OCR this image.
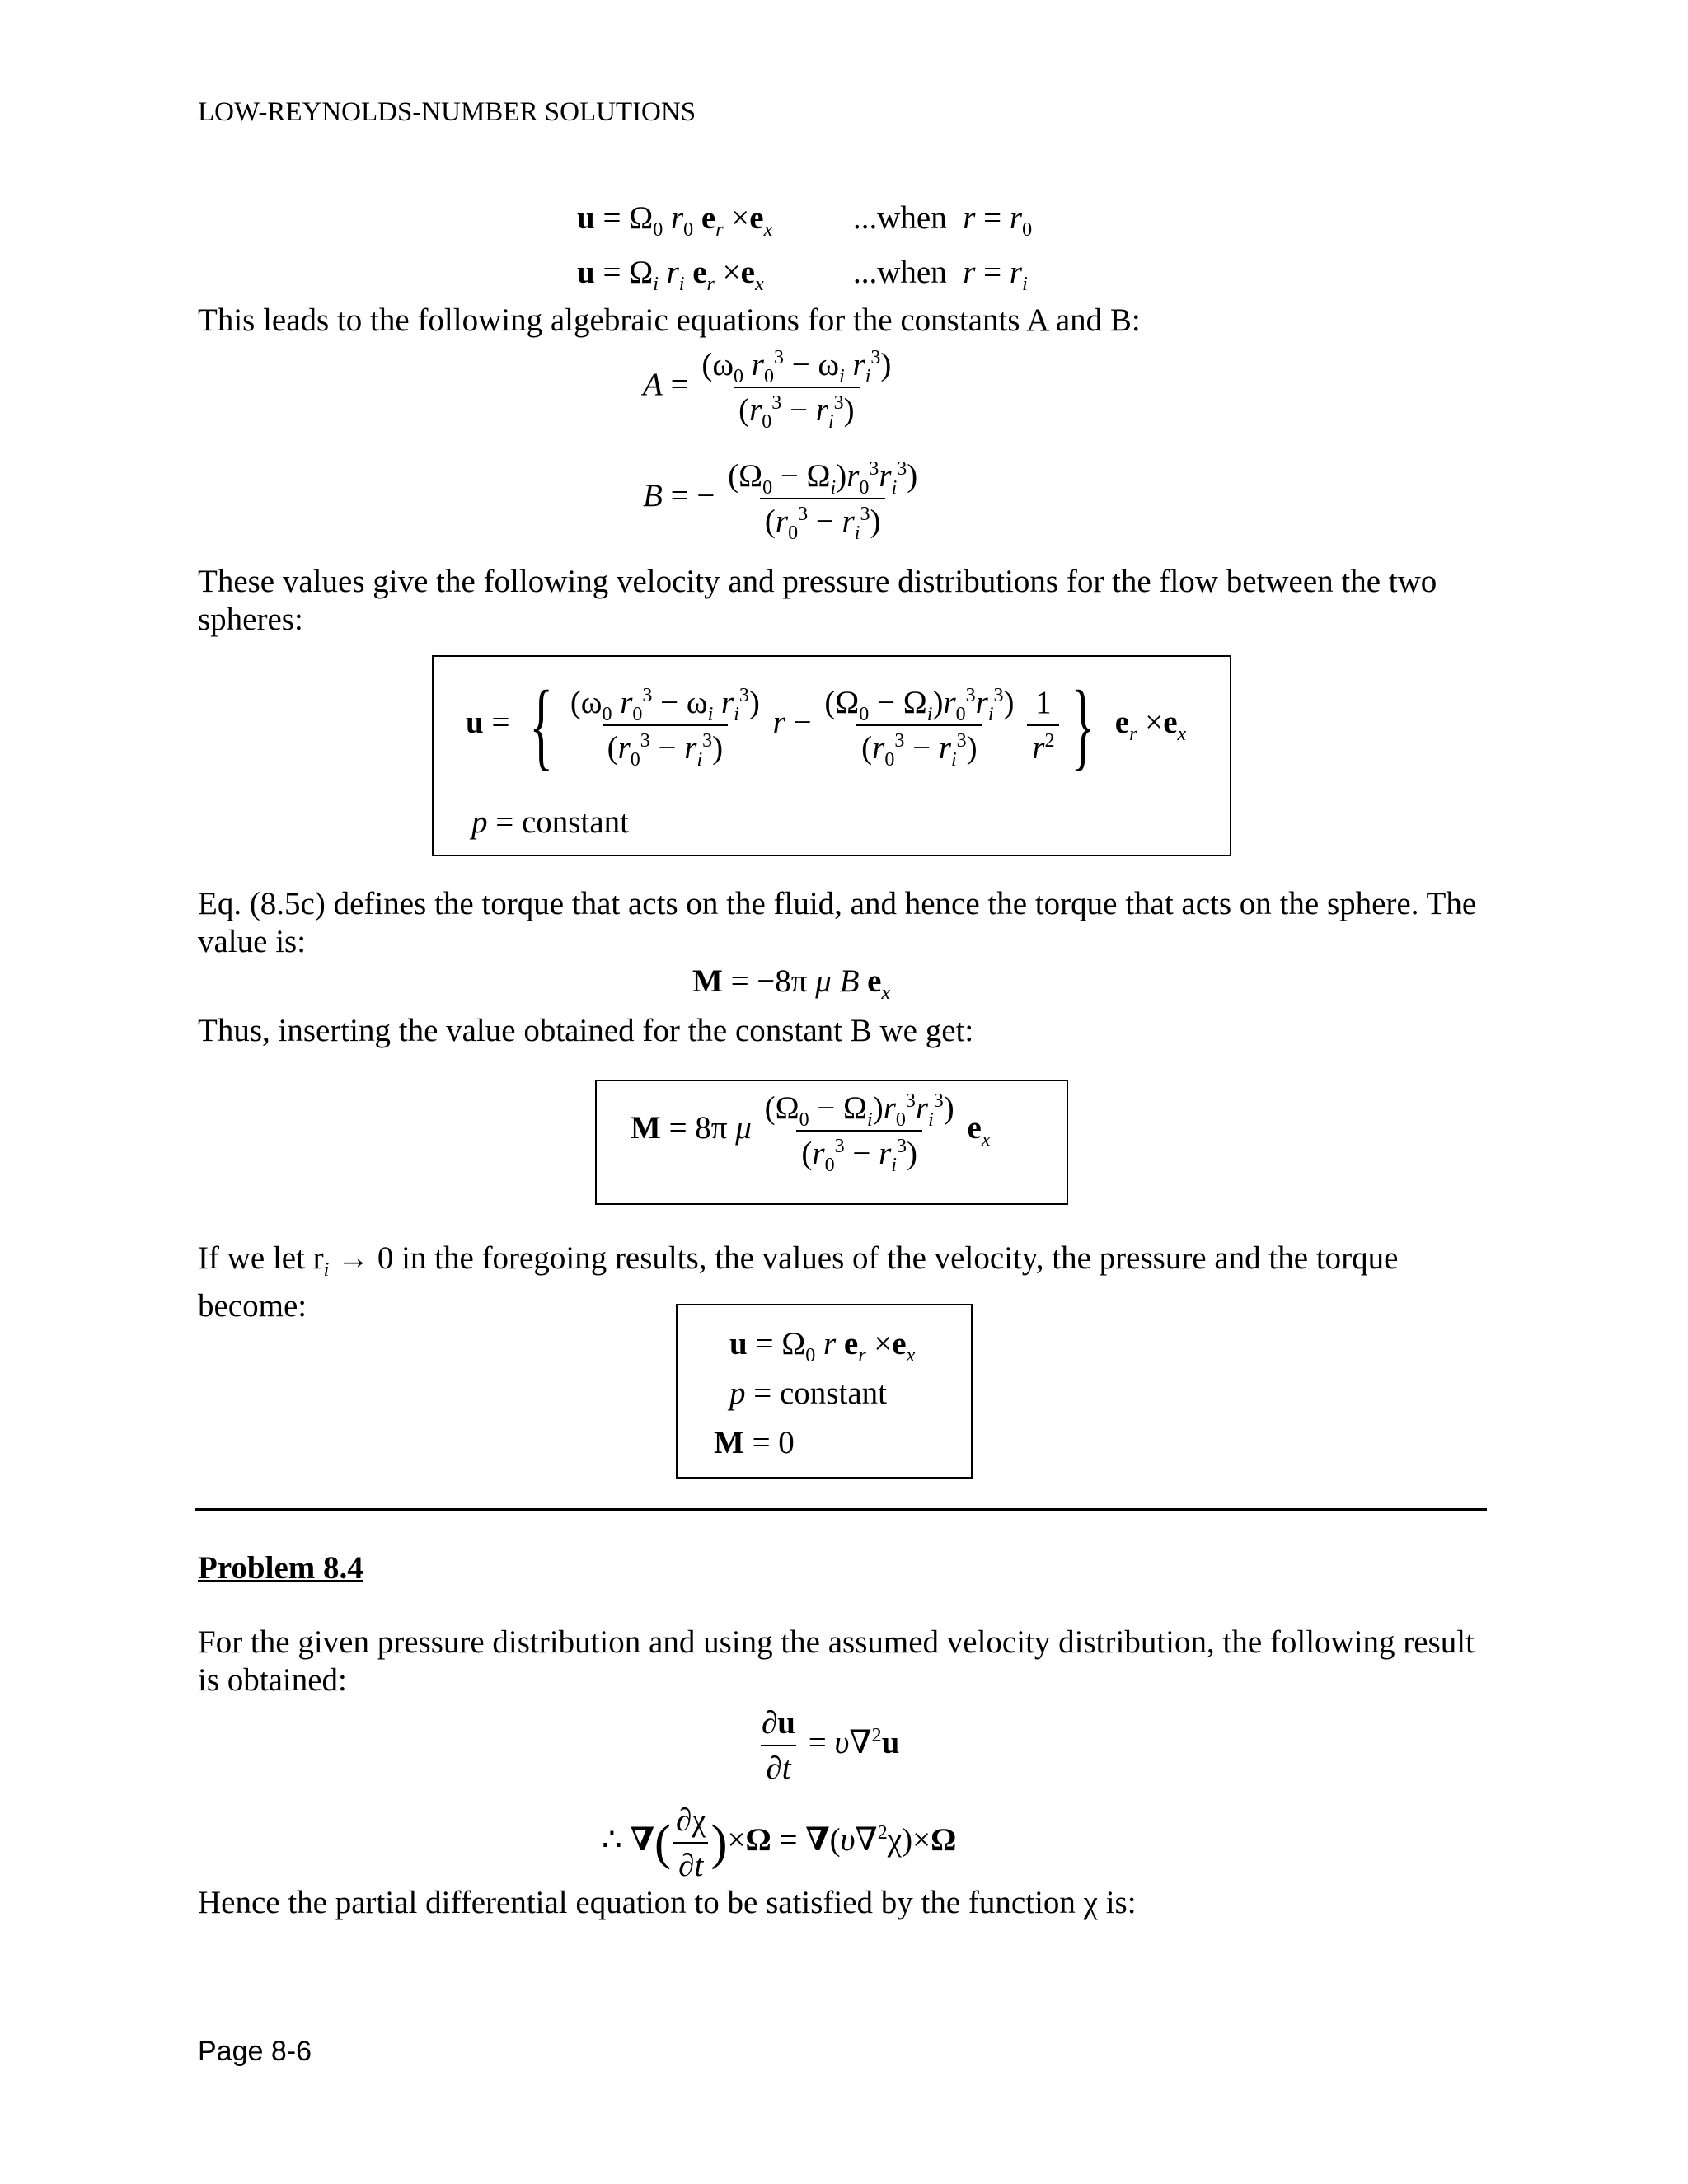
LOW-REYNOLDS-NUMBER SOLUTIONS
$u = \Omega_0$ $r_0$ $e_r \times e_x$	...when  $r = r_0$
$u = \Omega_i$ $r_i$ $e_r \times e_x$	...when  $r = r_i$
This leads to the following algebraic equations for the constants A and B:
$A = \frac{(\omega_0 r_0^3 - \omega_i r_i^3)}{(r_0^3 - r_i^3)}$
B = − $\frac{(\Omega_0 - \Omega_i)r_0^3r_i^3)}{(r_0^3 - r_i^3)}$
These values give the following velocity and pressure distributions for the flow between the two spheres:
u = { $\frac{(\omega_0 r_0^3 - \omega_i r_i^3)}{(r_0^3 - r_i^3)}$ $r - \frac{(\Omega_0 - \Omega_i)r_0^3r_i^3)}{(r_0^3 - r_i^3)}$
$\frac{1}{r^2}$ } $e_r \times e_x$
p = constant
Eq. (8.5c) defines the torque that acts on the fluid, and hence the torque that acts on the sphere. The value is:
M = −8π μ B $e_x$
Thus, inserting the value obtained for the constant B we get:
M = 8π μ $\frac{(\Omega_0 - \Omega_i)r_0^3r_i^3)}{(r_0^3 - r_i^3)} e_x$
If we let $r_i \to 0$ in the foregoing results, the values of the velocity, the pressure and the torque become:
$u = \Omega_0$ r $e_r \times e_x$
p = constant
M = 0
Problem 8.4
For the given pressure distribution and using the assumed velocity distribution, the following result is obtained:
$\frac{\partial u}{\partial t} = \upsilon\nabla^2u$
∴ ∇( $\frac{\partial\chi}{\partial t} )\times\Omega = \nabla(\upsilon\nabla^2\chi)\times\Omega$
Hence the partial differential equation to be satisfied by the function χ is:
Page 8-6
